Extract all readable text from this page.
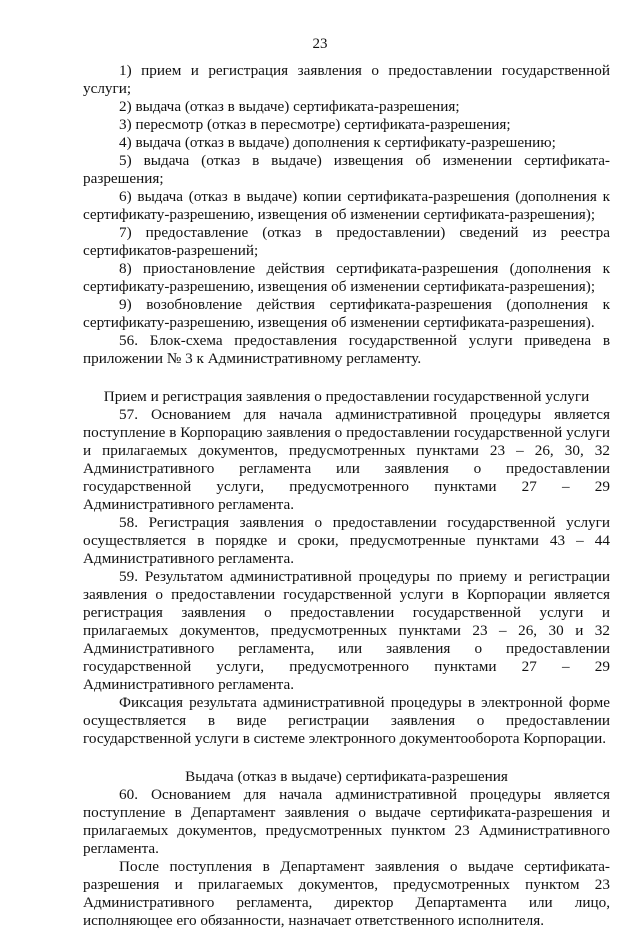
23

1) прием и регистрация заявления о предоставлении государственной услуги;

2) выдача (отказ в выдаче) сертификата-разрешения;

3) пересмотр (отказ в пересмотре) сертификата-разрешения;

4) выдача (отказ в выдаче) дополнения к сертификату-разрешению;

5) выдача (отказ в выдаче) извещения об изменении сертификата-разрешения;

6) выдача (отказ в выдаче) копии сертификата-разрешения (дополнения к сертификату-разрешению, извещения об изменении сертификата-разрешения);

7) предоставление (отказ в предоставлении) сведений из реестра сертификатов-разрешений;

8) приостановление действия сертификата-разрешения (дополнения к сертификату-разрешению, извещения об изменении сертификата-разрешения);

9) возобновление действия сертификата-разрешения (дополнения к сертификату-разрешению, извещения об изменении сертификата-разрешения).

56. Блок-схема предоставления государственной услуги приведена в приложении № 3 к Административному регламенту.

Прием и регистрация заявления о предоставлении государственной услуги

57. Основанием для начала административной процедуры является поступление в Корпорацию заявления о предоставлении государственной услуги и прилагаемых документов, предусмотренных пунктами 23 – 26, 30, 32 Административного регламента или заявления о предоставлении государственной услуги, предусмотренного пунктами 27 – 29 Административного регламента.

58. Регистрация заявления о предоставлении государственной услуги осуществляется в порядке и сроки, предусмотренные пунктами 43 – 44 Административного регламента.

59. Результатом административной процедуры по приему и регистрации заявления о предоставлении государственной услуги в Корпорации является регистрация заявления о предоставлении государственной услуги и прилагаемых документов, предусмотренных пунктами 23 – 26, 30 и 32 Административного регламента, или заявления о предоставлении государственной услуги, предусмотренного пунктами 27 – 29 Административного регламента.

Фиксация результата административной процедуры в электронной форме осуществляется в виде регистрации заявления о предоставлении государственной услуги в системе электронного документооборота Корпорации.

Выдача (отказ в выдаче) сертификата-разрешения

60. Основанием для начала административной процедуры является поступление в Департамент заявления о выдаче сертификата-разрешения и прилагаемых документов, предусмотренных пунктом 23 Административного регламента.

После поступления в Департамент заявления о выдаче сертификата-разрешения и прилагаемых документов, предусмотренных пунктом 23 Административного регламента, директор Департамента или лицо, исполняющее его обязанности, назначает ответственного исполнителя.
